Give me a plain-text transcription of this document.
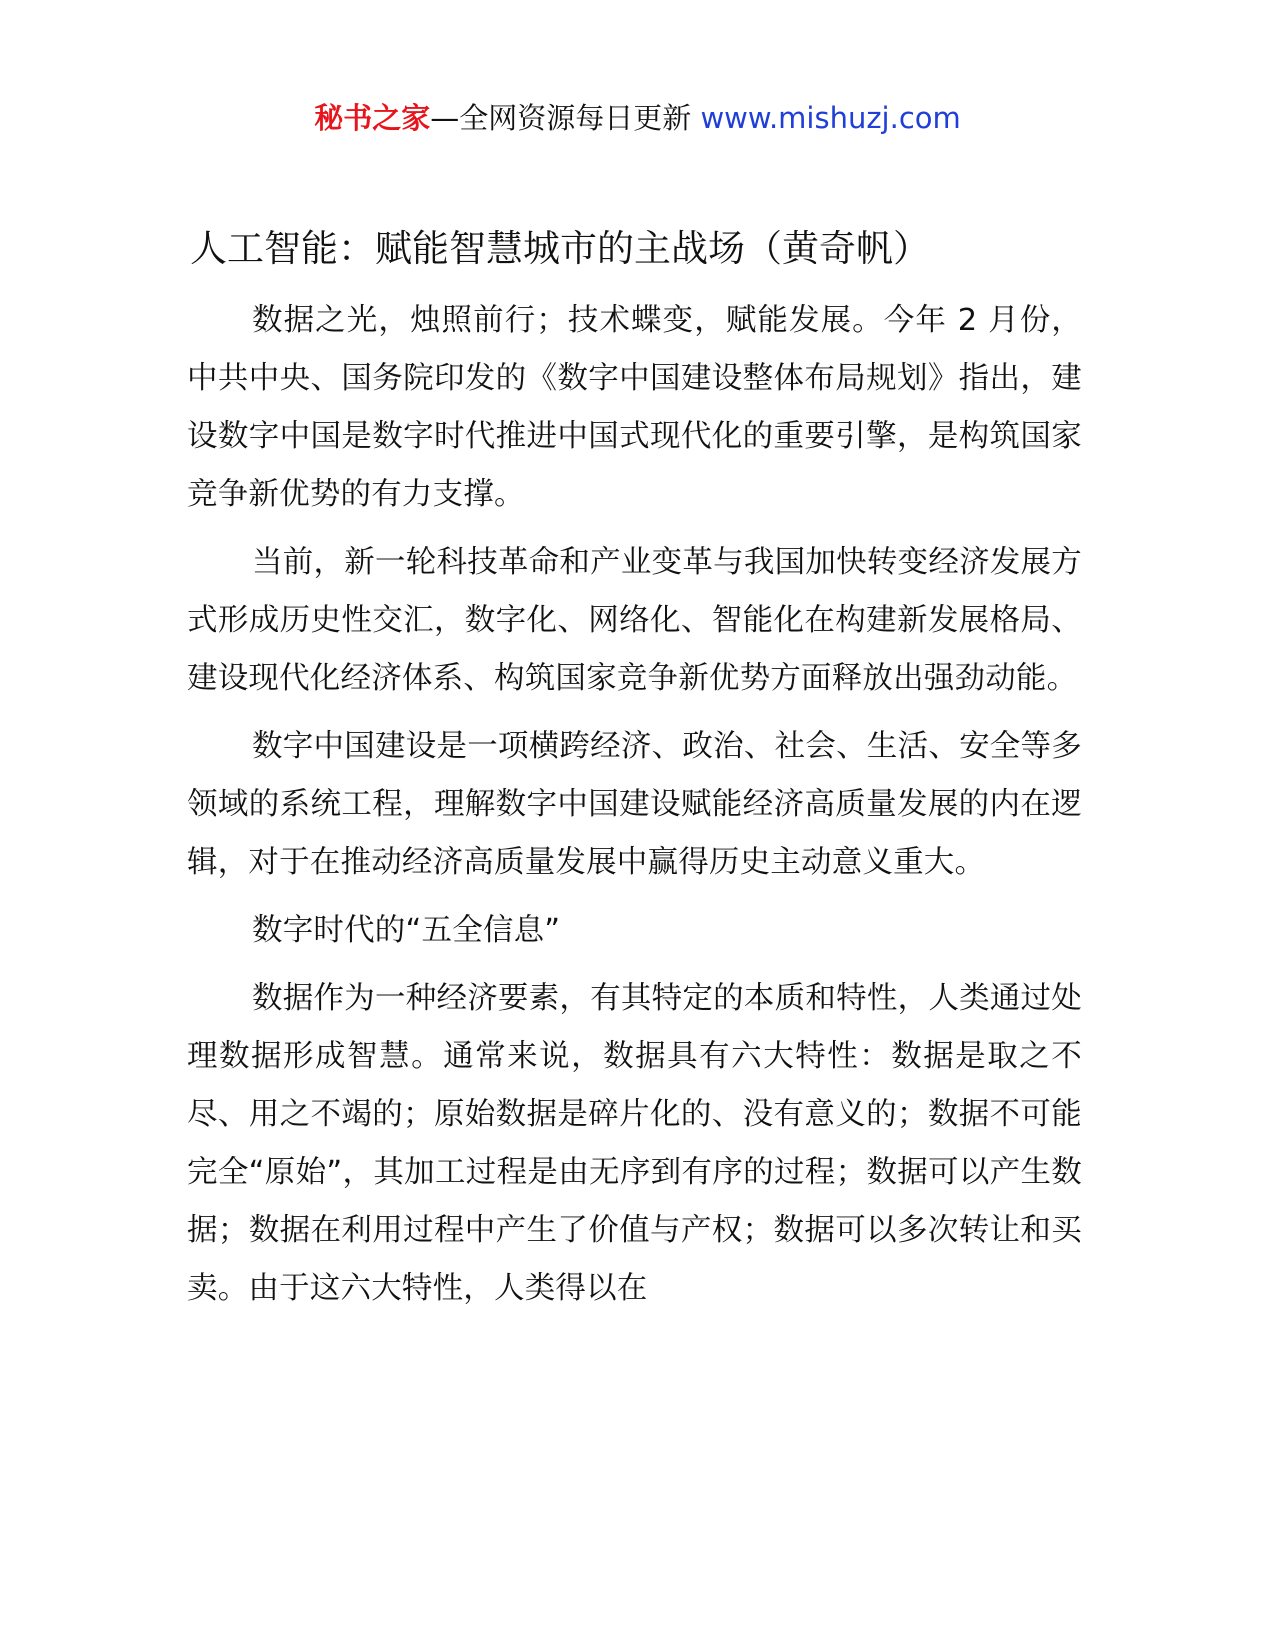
秘书之家—全网资源每日更新 www.mishuzj.com
人工智能：赋能智慧城市的主战场（黄奇帆）

数据之光，烛照前行；技术蝶变，赋能发展。今年 2 月份，中共中央、国务院印发的《数字中国建设整体布局规划》指出，建设数字中国是数字时代推进中国式现代化的重要引擎，是构筑国家竞争新优势的有力支撑。

当前，新一轮科技革命和产业变革与我国加快转变经济发展方式形成历史性交汇，数字化、网络化、智能化在构建新发展格局、建设现代化经济体系、构筑国家竞争新优势方面释放出强劲动能。

数字中国建设是一项横跨经济、政治、社会、生活、安全等多领域的系统工程，理解数字中国建设赋能经济高质量发展的内在逻辑，对于在推动经济高质量发展中赢得历史主动意义重大。

数字时代的“五全信息”

数据作为一种经济要素，有其特定的本质和特性，人类通过处理数据形成智慧。通常来说，数据具有六大特性：数据是取之不尽、用之不竭的；原始数据是碎片化的、没有意义的；数据不可能完全“原始”，其加工过程是由无序到有序的过程；数据可以产生数据；数据在利用过程中产生了价值与产权；数据可以多次转让和买卖。由于这六大特性，人类得以在
